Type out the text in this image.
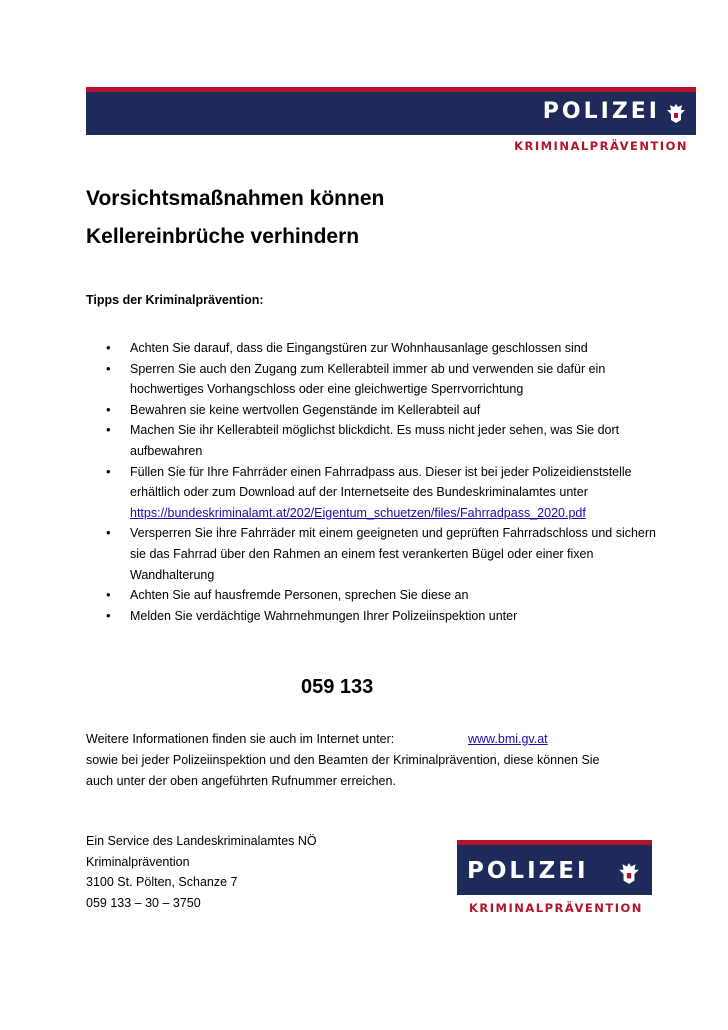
POLIZEI
KRIMINALPRÄVENTION
Vorsichtsmaßnahmen können
Kellereinbrüche verhindern
Tipps der Kriminalprävention:
• Achten Sie darauf, dass die Eingangstüren zur Wohnhausanlage geschlossen sind
• Sperren Sie auch den Zugang zum Kellerabteil immer ab und verwenden sie dafür ein hochwertiges Vorhangschloss oder eine gleichwertige Sperrvorrichtung
• Bewahren sie keine wertvollen Gegenstände im Kellerabteil auf
• Machen Sie ihr Kellerabteil möglichst blickdicht. Es muss nicht jeder sehen, was Sie dort aufbewahren
• Füllen Sie für Ihre Fahrräder einen Fahrradpass aus. Dieser ist bei jeder Polizeidienststelle erhältlich oder zum Download auf der Internetseite des Bundeskriminalamtes unter
https://bundeskriminalamt.at/202/Eigentum_schuetzen/files/Fahrradpass_2020.pdf
• Versperren Sie ihre Fahrräder mit einem geeigneten und geprüften Fahrradschloss und sichern sie das Fahrrad über den Rahmen an einem fest verankerten Bügel oder einer fixen Wandhalterung
• Achten Sie auf hausfremde Personen, sprechen Sie diese an
• Melden Sie verdächtige Wahrnehmungen Ihrer Polizeiinspektion unter
059 133
Weitere Informationen finden sie auch im Internet unter:	www.bmi.gv.at

sowie bei jeder Polizeiinspektion und den Beamten der Kriminalprävention, diese können Sie
auch unter der oben angeführten Rufnummer erreichen.
Ein Service des Landeskriminalamtes NÖ
Kriminalprävention
3100 St. Pölten, Schanze 7
059 133 – 30 – 3750
POLIZEI
KRIMINALPRÄVENTION
